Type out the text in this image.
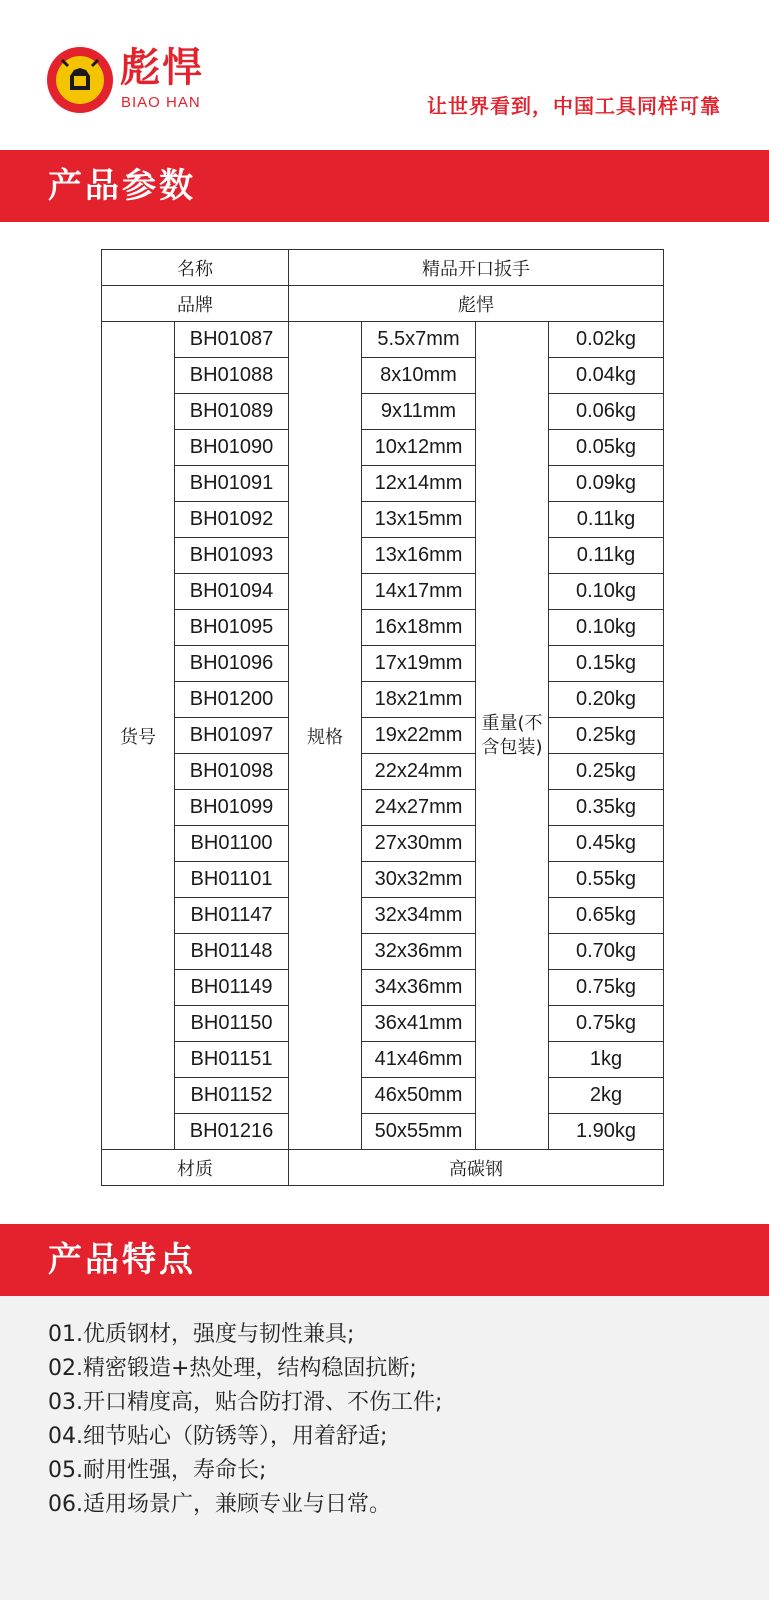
彪悍
BIAO HAN	让世界看到，中国工具同样可靠
产品参数
名称		精品开口扳手			
品牌		彪悍			
货号	BH01087	规格	5.5x7mm	重量(不含包装)	0.02kg
	BH01088		8x10mm		0.04kg
	BH01089		9x11mm		0.06kg
	BH01090		10x12mm		0.05kg
	BH01091		12x14mm		0.09kg
	BH01092		13x15mm		0.11kg
	BH01093		13x16mm		0.11kg
	BH01094		14x17mm		0.10kg
	BH01095		16x18mm		0.10kg
	BH01096		17x19mm		0.15kg
	BH01200		18x21mm		0.20kg
	BH01097		19x22mm		0.25kg
	BH01098		22x24mm		0.25kg
	BH01099		24x27mm		0.35kg
	BH01100		27x30mm		0.45kg
	BH01101		30x32mm		0.55kg
	BH01147		32x34mm		0.65kg
	BH01148		32x36mm		0.70kg
	BH01149		34x36mm		0.75kg
	BH01150		36x41mm		0.75kg
	BH01151		41x46mm		1kg
	BH01152		46x50mm		2kg
	BH01216		50x55mm		1.90kg
材质		高碳钢			
产品特点
01.优质钢材，强度与韧性兼具;
02.精密锻造+热处理，结构稳固抗断;
03.开口精度高，贴合防打滑、不伤工件;
04.细节贴心（防锈等），用着舒适;
05.耐用性强，寿命长;
06.适用场景广，兼顾专业与日常。
